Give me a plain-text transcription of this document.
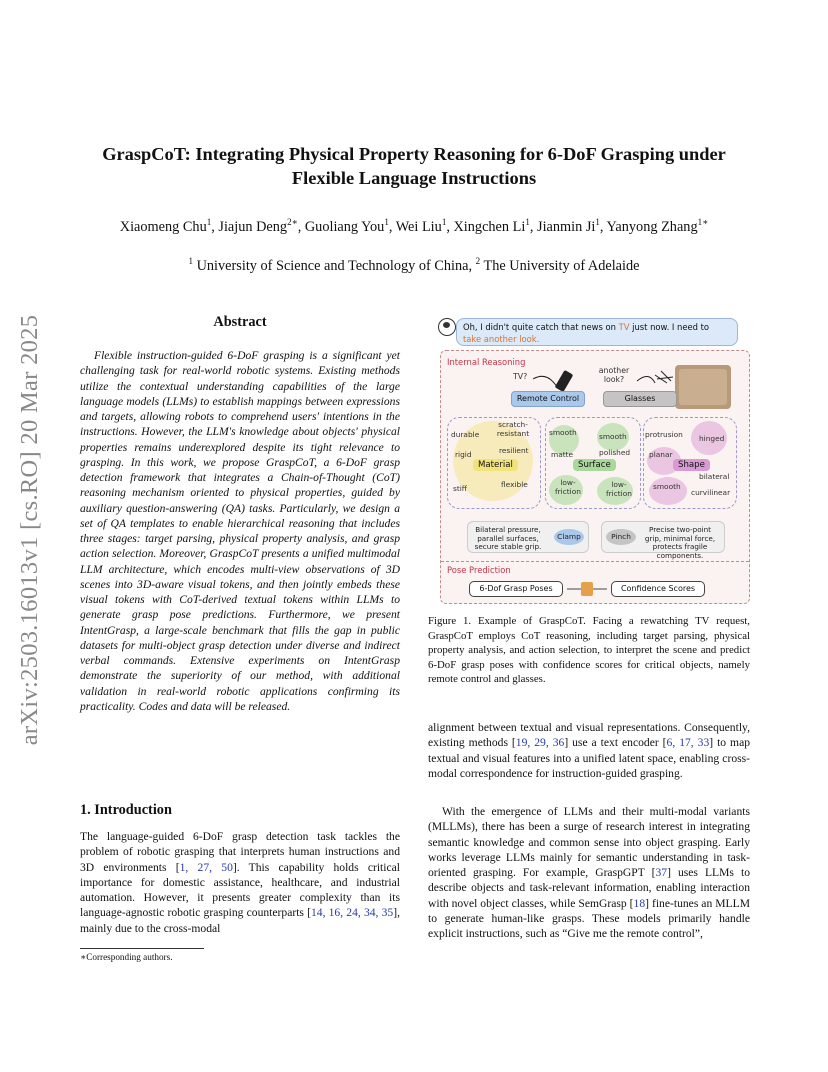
arXiv:2503.16013v1 [cs.RO] 20 Mar 2025
GraspCoT: Integrating Physical Property Reasoning for 6-DoF Grasping under
Flexible Language Instructions
Xiaomeng Chu$^1$, Jiajun Deng$^{2∗}$, Guoliang You$^1$, Wei Liu$^1$, Xingchen Li$^1$, Jianmin Ji$^1$, Yanyong Zhang$^{1∗}$
$^1$ University of Science and Technology of China, $^2$ The University of Adelaide
Abstract
Flexible instruction-guided 6-DoF grasping is a significant yet challenging task for real-world robotic systems. Existing methods utilize the contextual understanding capabilities of the large language models (LLMs) to establish mappings between expressions and targets, allowing robots to comprehend users' intentions in the instructions. However, the LLM's knowledge about objects' physical properties remains underexplored despite its tight relevance to grasping. In this work, we propose GraspCoT, a 6-DoF grasp detection framework that integrates a Chain-of-Thought (CoT) reasoning mechanism oriented to physical properties, guided by auxiliary question-answering (QA) tasks. Particularly, we design a set of QA templates to enable hierarchical reasoning that includes three stages: target parsing, physical property analysis, and grasp action selection. Moreover, GraspCoT presents a unified multimodal LLM architecture, which encodes multi-view observations of 3D scenes into 3D-aware visual tokens, and then jointly embeds these visual tokens with CoT-derived textual tokens within LLMs to generate grasp pose predictions. Furthermore, we present IntentGrasp, a large-scale benchmark that fills the gap in public datasets for multi-object grasp detection under diverse and indirect verbal commands. Extensive experiments on IntentGrasp demonstrate the superiority of our method, with additional validation in real-world robotic applications confirming its practicality. Codes and data will be released.
1. Introduction
The language-guided 6-DoF grasp detection task tackles the problem of robotic grasping that interprets human instructions and 3D environments [1, 27, 50]. This capability holds critical importance for domestic assistance, healthcare, and industrial automation. However, it presents greater complexity than its language-agnostic robotic grasping counterparts [14, 16, 24, 34, 35], mainly due to the cross-modal
∗Corresponding authors.
Oh, I didn't quite catch that news on TV just now. I need to
take another look.
Internal Reasoning
TV?
another look?
Remote Control	Glasses
durable
scratch-resistant
rigid	resilient
stiff	flexible
Material
smooth	smooth
matte	polished
low-friction
low-friction
Surface
protrusion hinged
planar
bilateral
smooth
curvilinear
Shape
Bilateral pressure, parallel surfaces, secure stable grip.
Clamp	Pinch
Precise two-point grip, minimal force, protects fragile components.
Pose Prediction
6-Dof Grasp Poses	Confidence Scores
Figure 1. Example of GraspCoT. Facing a rewatching TV request, GraspCoT employs CoT reasoning, including target parsing, physical property analysis, and action selection, to interpret the scene and predict 6-DoF grasp poses with confidence scores for critical objects, namely remote control and glasses.
alignment between textual and visual representations. Consequently, existing methods [19, 29, 36] use a text encoder [6, 17, 33] to map textual and visual features into a unified latent space, enabling cross-modal correspondence for instruction-guided grasping.
With the emergence of LLMs and their multi-modal variants (MLLMs), there has been a surge of research interest in integrating semantic knowledge and common sense into object grasping. Early works leverage LLMs mainly for semantic understanding in task-oriented grasping. For example, GraspGPT [37] uses LLMs to describe objects and task-relevant information, enabling interaction with novel object classes, while SemGrasp [18] fine-tunes an MLLM to generate human-like grasps. These models primarily handle explicit instructions, such as “Give me the remote control”,
